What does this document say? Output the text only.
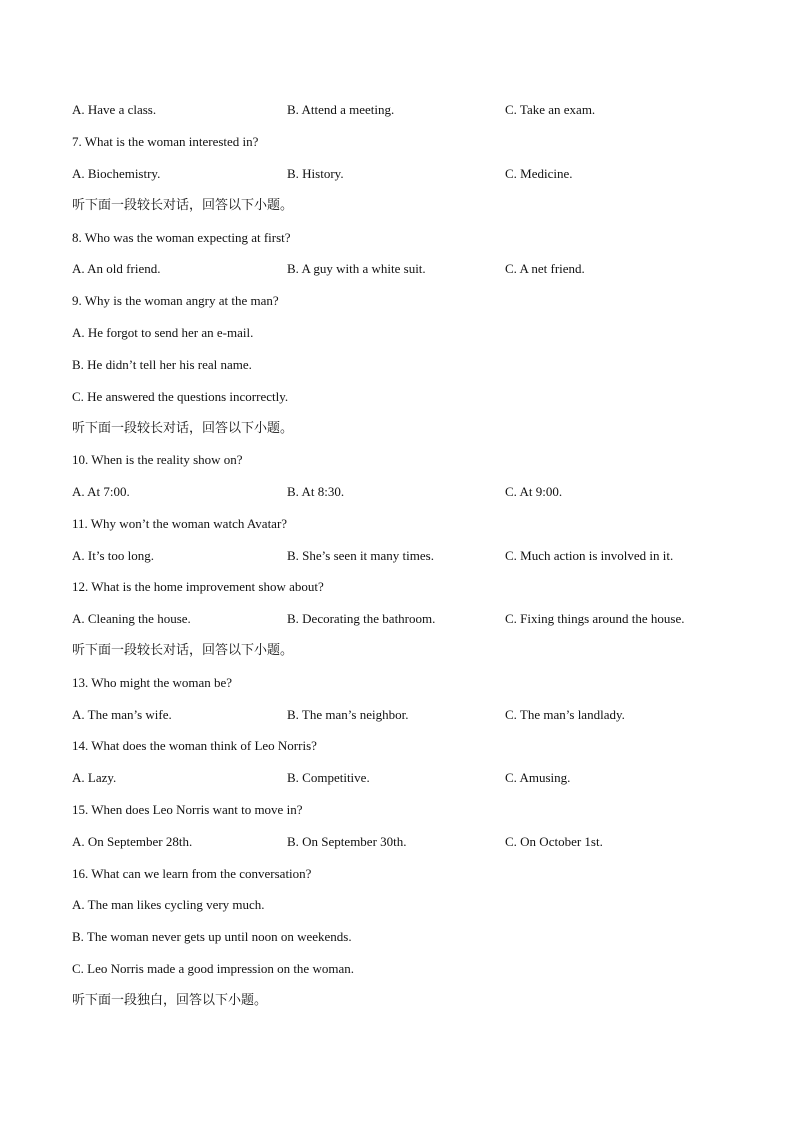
A. Have a class.	B. Attend a meeting.	C. Take an exam.
7. What is the woman interested in?
A. Biochemistry.	B. History.	C. Medicine.
听下面一段较长对话，回答以下小题。
8. Who was the woman expecting at first?
A. An old friend.	B. A guy with a white suit.	C. A net friend.
9. Why is the woman angry at the man?
A. He forgot to send her an e-mail.
B. He didn’t tell her his real name.
C. He answered the questions incorrectly.
听下面一段较长对话，回答以下小题。
10. When is the reality show on?
A. At 7:00.	B. At 8:30.	C. At 9:00.
11. Why won’t the woman watch Avatar?
A. It’s too long.	B. She’s seen it many times.	C. Much action is involved in it.
12. What is the home improvement show about?
A. Cleaning the house.	B. Decorating the bathroom.	C. Fixing things around the house.
听下面一段较长对话，回答以下小题。
13. Who might the woman be?
A. The man’s wife.	B. The man’s neighbor.	C. The man’s landlady.
14. What does the woman think of Leo Norris?
A. Lazy.	B. Competitive.	C. Amusing.
15. When does Leo Norris want to move in?
A. On September 28th.	B. On September 30th.	C. On October 1st.
16. What can we learn from the conversation?
A. The man likes cycling very much.
B. The woman never gets up until noon on weekends.
C. Leo Norris made a good impression on the woman.
听下面一段独白，回答以下小题。
